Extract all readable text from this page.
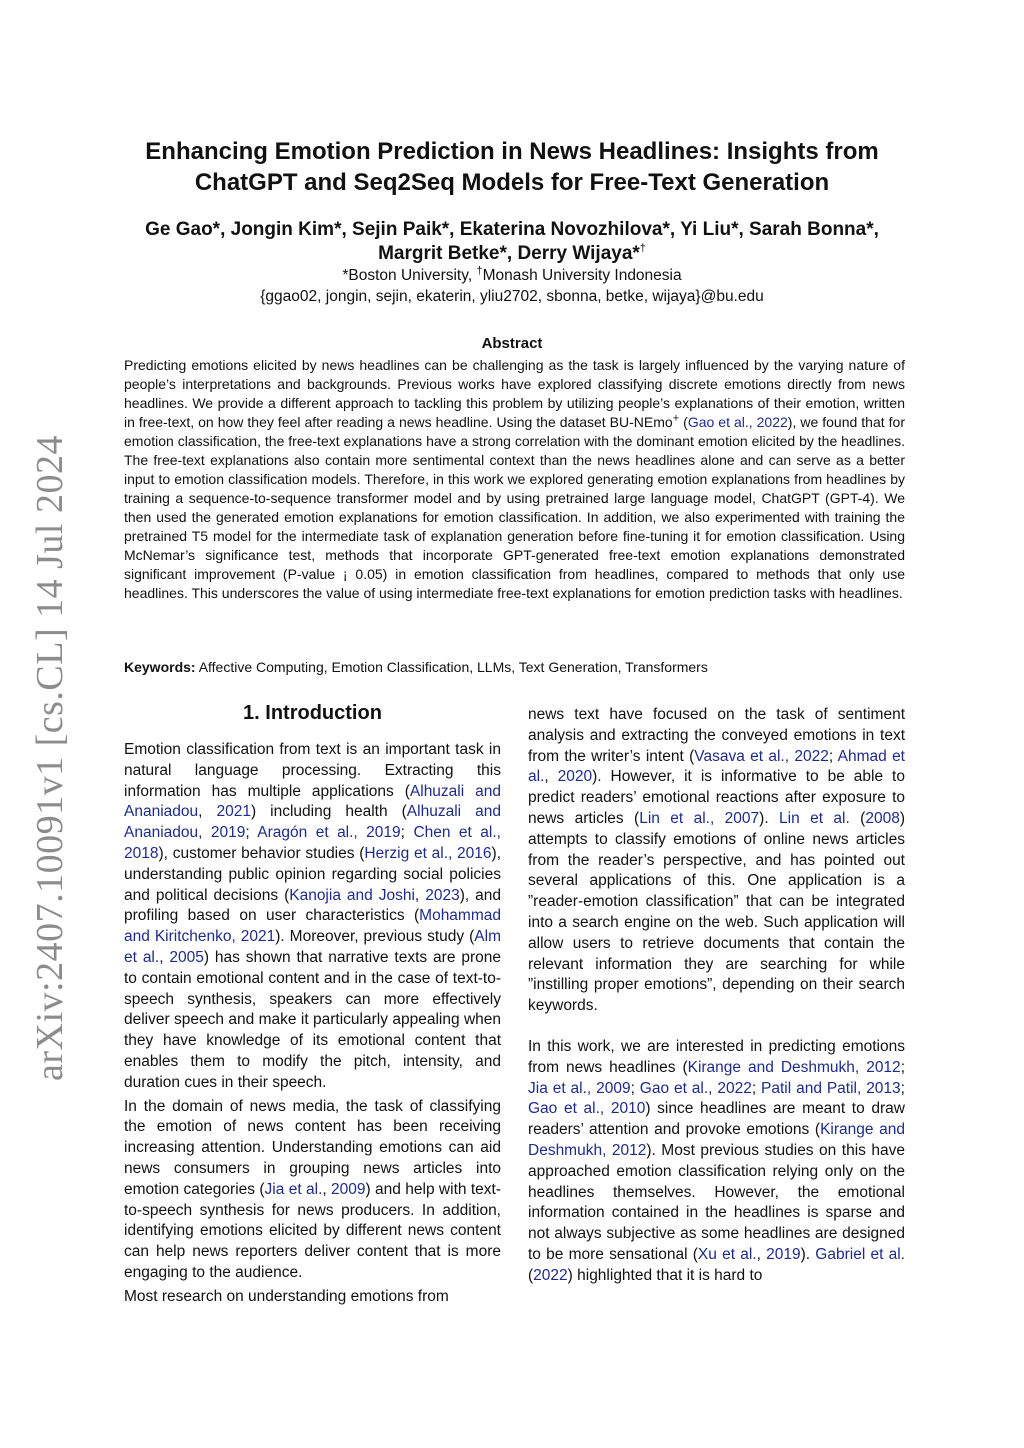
arXiv:2407.10091v1 [cs.CL] 14 Jul 2024
Enhancing Emotion Prediction in News Headlines: Insights from ChatGPT and Seq2Seq Models for Free-Text Generation
Ge Gao*, Jongin Kim*, Sejin Paik*, Ekaterina Novozhilova*, Yi Liu*, Sarah Bonna*,
Margrit Betke*, Derry Wijaya*†
*Boston University, †Monash University Indonesia
{ggao02, jongin, sejin, ekaterin, yliu2702, sbonna, betke, wijaya}@bu.edu
Abstract

Predicting emotions elicited by news headlines can be challenging as the task is largely influenced by the varying nature of people’s interpretations and backgrounds. Previous works have explored classifying discrete emotions directly from news headlines. We provide a different approach to tackling this problem by utilizing people’s explanations of their emotion, written in free-text, on how they feel after reading a news headline. Using the dataset BU-NEmo+ (Gao et al., 2022), we found that for emotion classification, the free-text explanations have a strong correlation with the dominant emotion elicited by the headlines. The free-text explanations also contain more sentimental context than the news headlines alone and can serve as a better input to emotion classification models. Therefore, in this work we explored generating emotion explanations from headlines by training a sequence-to-sequence transformer model and by using pretrained large language model, ChatGPT (GPT-4). We then used the generated emotion explanations for emotion classification. In addition, we also experimented with training the pretrained T5 model for the intermediate task of explanation generation before fine-tuning it for emotion classification. Using McNemar’s significance test, methods that incorporate GPT-generated free-text emotion explanations demonstrated significant improvement (P-value ¡ 0.05) in emotion classification from headlines, compared to methods that only use headlines. This underscores the value of using intermediate free-text explanations for emotion prediction tasks with headlines.

Keywords: Affective Computing, Emotion Classification, LLMs, Text Generation, Transformers
1. Introduction

Emotion classification from text is an important task in natural language processing. Extracting this information has multiple applications (Alhuzali and Ananiadou, 2021) including health (Alhuzali and Ananiadou, 2019; Aragón et al., 2019; Chen et al., 2018), customer behavior studies (Herzig et al., 2016), understanding public opinion regarding social policies and political decisions (Kanojia and Joshi, 2023), and profiling based on user characteristics (Mohammad and Kiritchenko, 2021). Moreover, previous study (Alm et al., 2005) has shown that narrative texts are prone to contain emotional content and in the case of text-to-speech synthesis, speakers can more effectively deliver speech and make it particularly appealing when they have knowledge of its emotional content that enables them to modify the pitch, intensity, and duration cues in their speech.

In the domain of news media, the task of classifying the emotion of news content has been receiving increasing attention. Understanding emotions can aid news consumers in grouping news articles into emotion categories (Jia et al., 2009) and help with text-to-speech synthesis for news producers. In addition, identifying emotions elicited by different news content can help news reporters deliver content that is more engaging to the audience.

Most research on understanding emotions from

news text have focused on the task of sentiment analysis and extracting the conveyed emotions in text from the writer’s intent (Vasava et al., 2022; Ahmad et al., 2020). However, it is informative to be able to predict readers’ emotional reactions after exposure to news articles (Lin et al., 2007). Lin et al. (2008) attempts to classify emotions of online news articles from the reader’s perspective, and has pointed out several applications of this. One application is a ”reader-emotion classification” that can be integrated into a search engine on the web. Such application will allow users to retrieve documents that contain the relevant information they are searching for while ”instilling proper emotions”, depending on their search keywords.

In this work, we are interested in predicting emotions from news headlines (Kirange and Deshmukh, 2012; Jia et al., 2009; Gao et al., 2022; Patil and Patil, 2013; Gao et al., 2010) since headlines are meant to draw readers’ attention and provoke emotions (Kirange and Deshmukh, 2012). Most previous studies on this have approached emotion classification relying only on the headlines themselves. However, the emotional information contained in the headlines is sparse and not always subjective as some headlines are designed to be more sensational (Xu et al., 2019). Gabriel et al. (2022) highlighted that it is hard to
